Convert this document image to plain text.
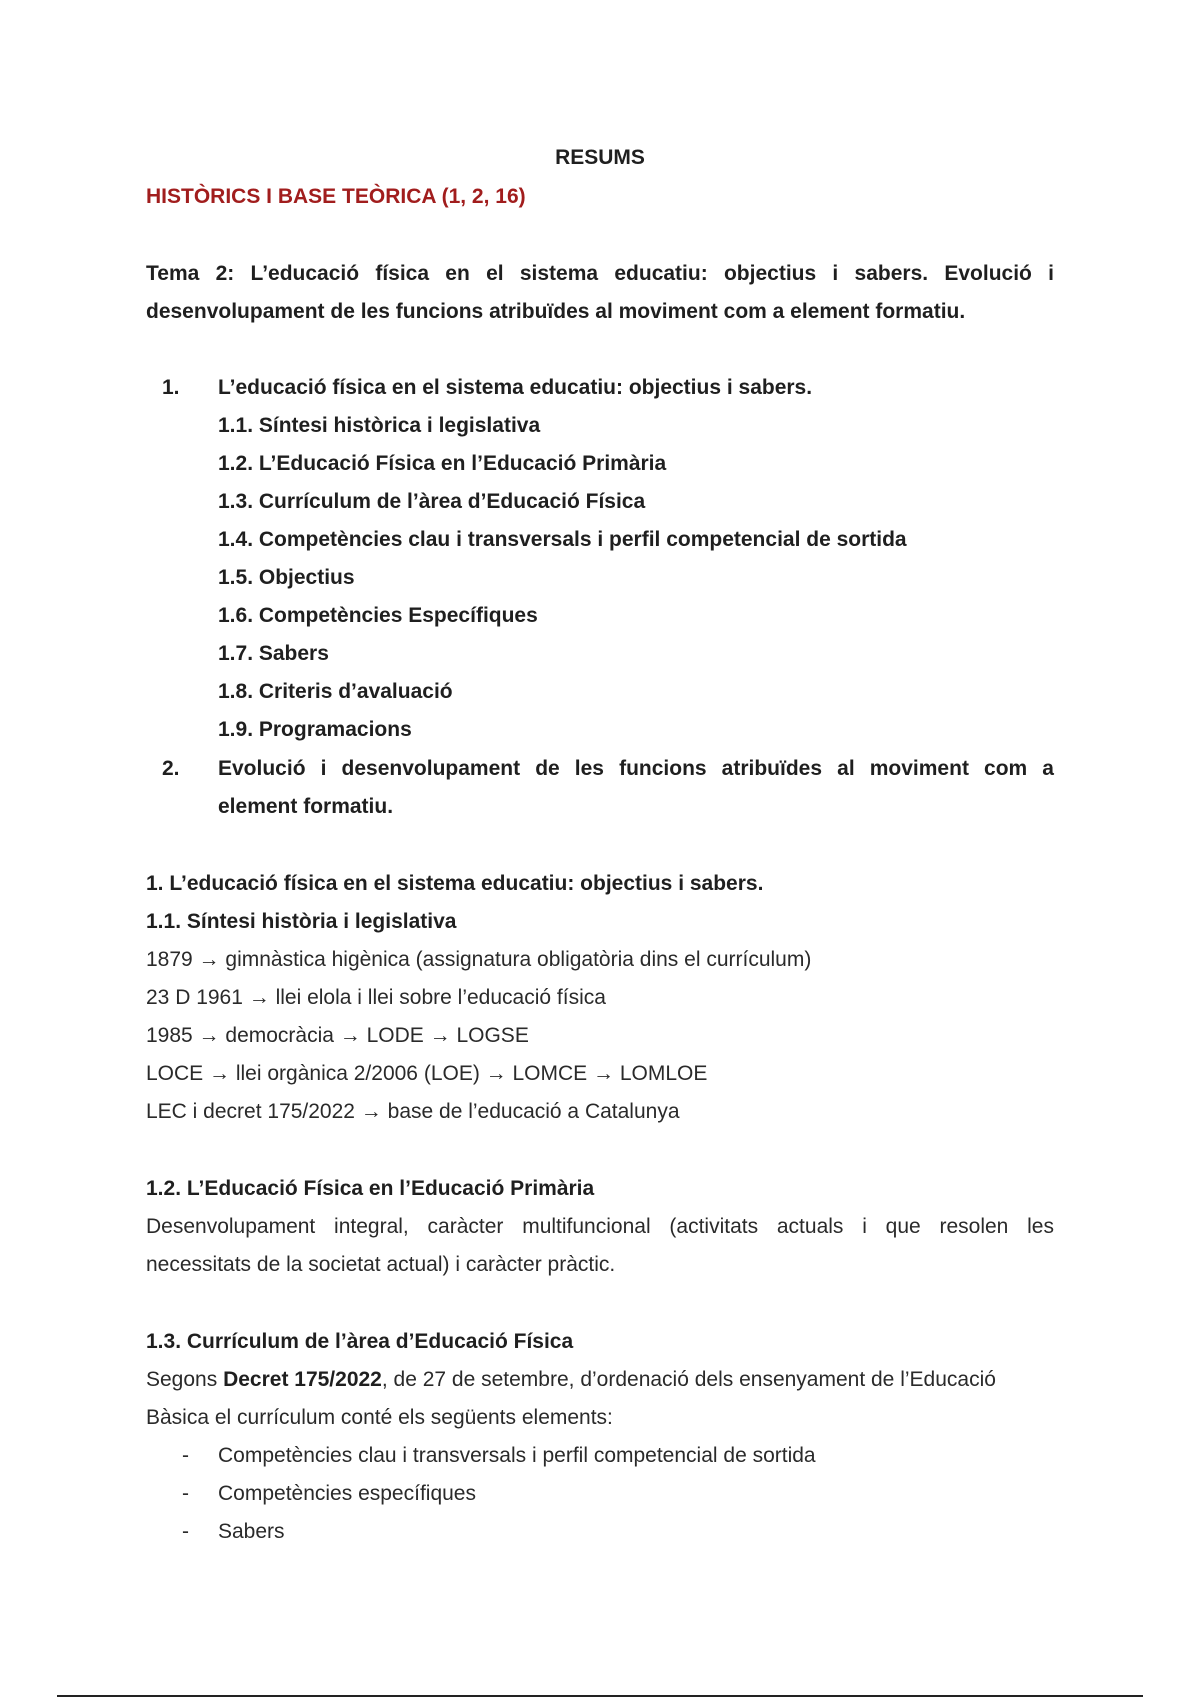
RESUMS
HISTÒRICS I BASE TEÒRICA (1, 2, 16)
Tema 2: L’educació física en el sistema educatiu: objectius i sabers. Evolució i
desenvolupament de les funcions atribuïdes al moviment com a element formatiu.
1. L’educació física en el sistema educatiu: objectius i sabers.
1.1. Síntesi històrica i legislativa
1.2. L’Educació Física en l’Educació Primària
1.3. Currículum de l’àrea d’Educació Física
1.4. Competències clau i transversals i perfil competencial de sortida
1.5. Objectius
1.6. Competències Específiques
1.7. Sabers
1.8. Criteris d’avaluació
1.9. Programacions
2. Evolució i desenvolupament de les funcions atribuïdes al moviment com a
element formatiu.
1. L’educació física en el sistema educatiu: objectius i sabers.
1.1. Síntesi història i legislativa
1879 → gimnàstica higènica (assignatura obligatòria dins el currículum)
23 D 1961 → llei elola i llei sobre l’educació física
1985 → democràcia → LODE → LOGSE
LOCE → llei orgànica 2/2006 (LOE) → LOMCE → LOMLOE
LEC i decret 175/2022 → base de l’educació a Catalunya
1.2. L’Educació Física en l’Educació Primària
Desenvolupament integral, caràcter multifuncional (activitats actuals i que resolen les
necessitats de la societat actual) i caràcter pràctic.
1.3. Currículum de l’àrea d’Educació Física
Segons Decret 175/2022, de 27 de setembre, d’ordenació dels ensenyament de l’Educació
Bàsica el currículum conté els següents elements:
- Competències clau i transversals i perfil competencial de sortida
- Competències específiques
- Sabers
